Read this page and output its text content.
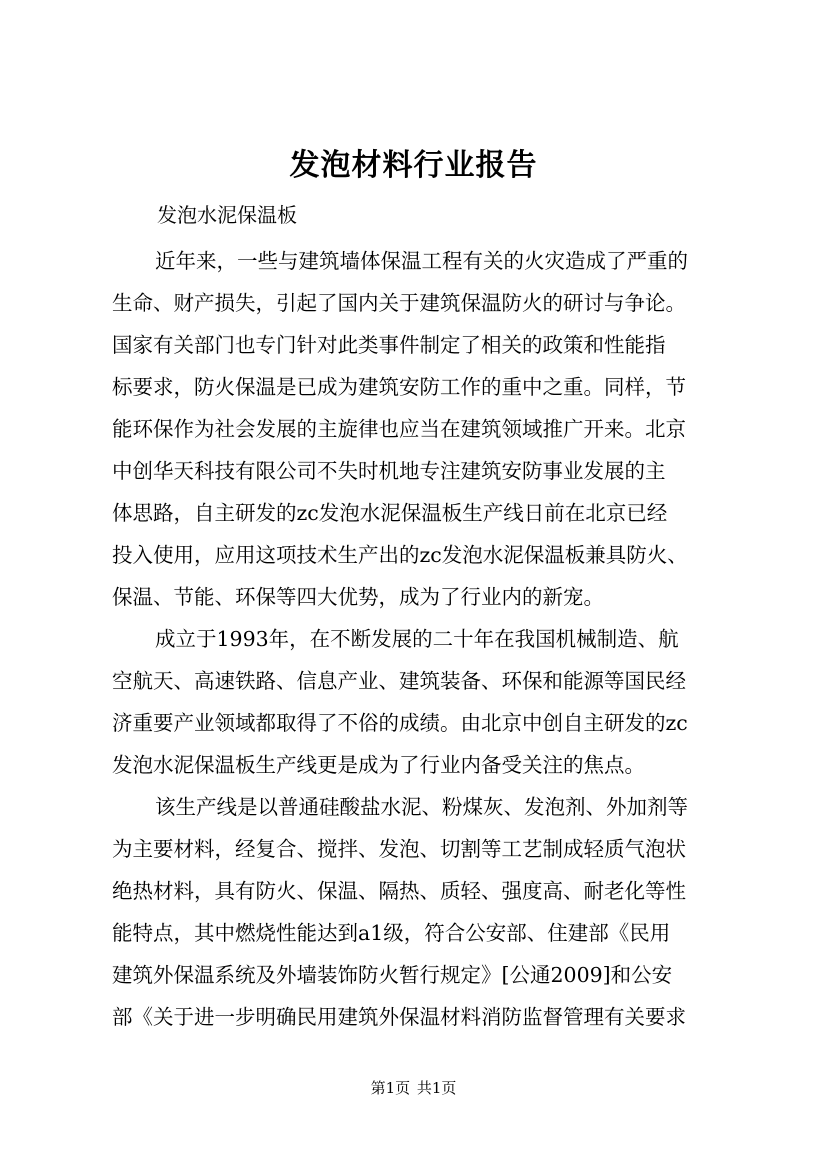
发泡材料行业报告
发泡水泥保温板
近年来，一些与建筑墙体保温工程有关的火灾造成了严重的
生命、财产损失，引起了国内关于建筑保温防火的研讨与争论。
国家有关部门也专门针对此类事件制定了相关的政策和性能指
标要求，防火保温是已成为建筑安防工作的重中之重。同样，节
能环保作为社会发展的主旋律也应当在建筑领域推广开来。北京
中创华天科技有限公司不失时机地专注建筑安防事业发展的主
体思路，自主研发的zc发泡水泥保温板生产线日前在北京已经
投入使用，应用这项技术生产出的zc发泡水泥保温板兼具防火、
保温、节能、环保等四大优势，成为了行业内的新宠。
成立于1993年，在不断发展的二十年在我国机械制造、航
空航天、高速铁路、信息产业、建筑装备、环保和能源等国民经
济重要产业领域都取得了不俗的成绩。由北京中创自主研发的zc
发泡水泥保温板生产线更是成为了行业内备受关注的焦点。
该生产线是以普通硅酸盐水泥、粉煤灰、发泡剂、外加剂等
为主要材料，经复合、搅拌、发泡、切割等工艺制成轻质气泡状
绝热材料，具有防火、保温、隔热、质轻、强度高、耐老化等性
能特点，其中燃烧性能达到a1级，符合公安部、住建部《民用
建筑外保温系统及外墙装饰防火暂行规定》[公通2009]和公安
部《关于进一步明确民用建筑外保温材料消防监督管理有关要求
第1页 共1页
